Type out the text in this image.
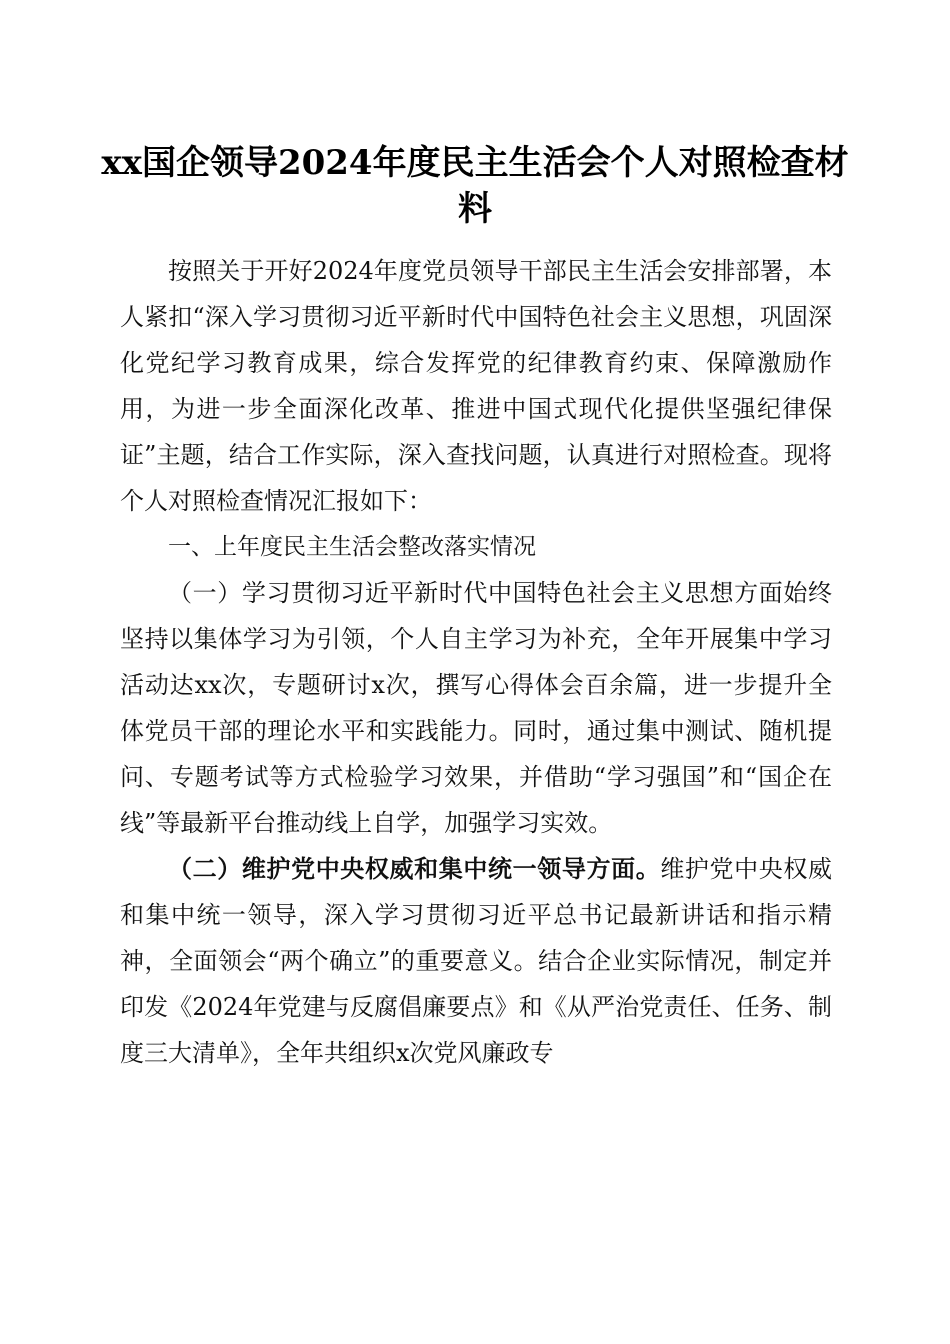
xx国企领导2024年度民主生活会个人对照检查材料

按照关于开好2024年度党员领导干部民主生活会安排部署，本人紧扣“深入学习贯彻习近平新时代中国特色社会主义思想，巩固深化党纪学习教育成果，综合发挥党的纪律教育约束、保障激励作用，为进一步全面深化改革、推进中国式现代化提供坚强纪律保证”主题，结合工作实际，深入查找问题，认真进行对照检查。现将个人对照检查情况汇报如下：

一、上年度民主生活会整改落实情况

（一）学习贯彻习近平新时代中国特色社会主义思想方面始终坚持以集体学习为引领，个人自主学习为补充，全年开展集中学习活动达xx次，专题研讨x次，撰写心得体会百余篇，进一步提升全体党员干部的理论水平和实践能力。同时，通过集中测试、随机提问、专题考试等方式检验学习效果，并借助“学习强国”和“国企在线”等最新平台推动线上自学，加强学习实效。

（二）维护党中央权威和集中统一领导方面。维护党中央权威和集中统一领导，深入学习贯彻习近平总书记最新讲话和指示精神，全面领会“两个确立”的重要意义。结合企业实际情况，制定并印发《2024年党建与反腐倡廉要点》和《从严治党责任、任务、制度三大清单》，全年共组织x次党风廉政专
